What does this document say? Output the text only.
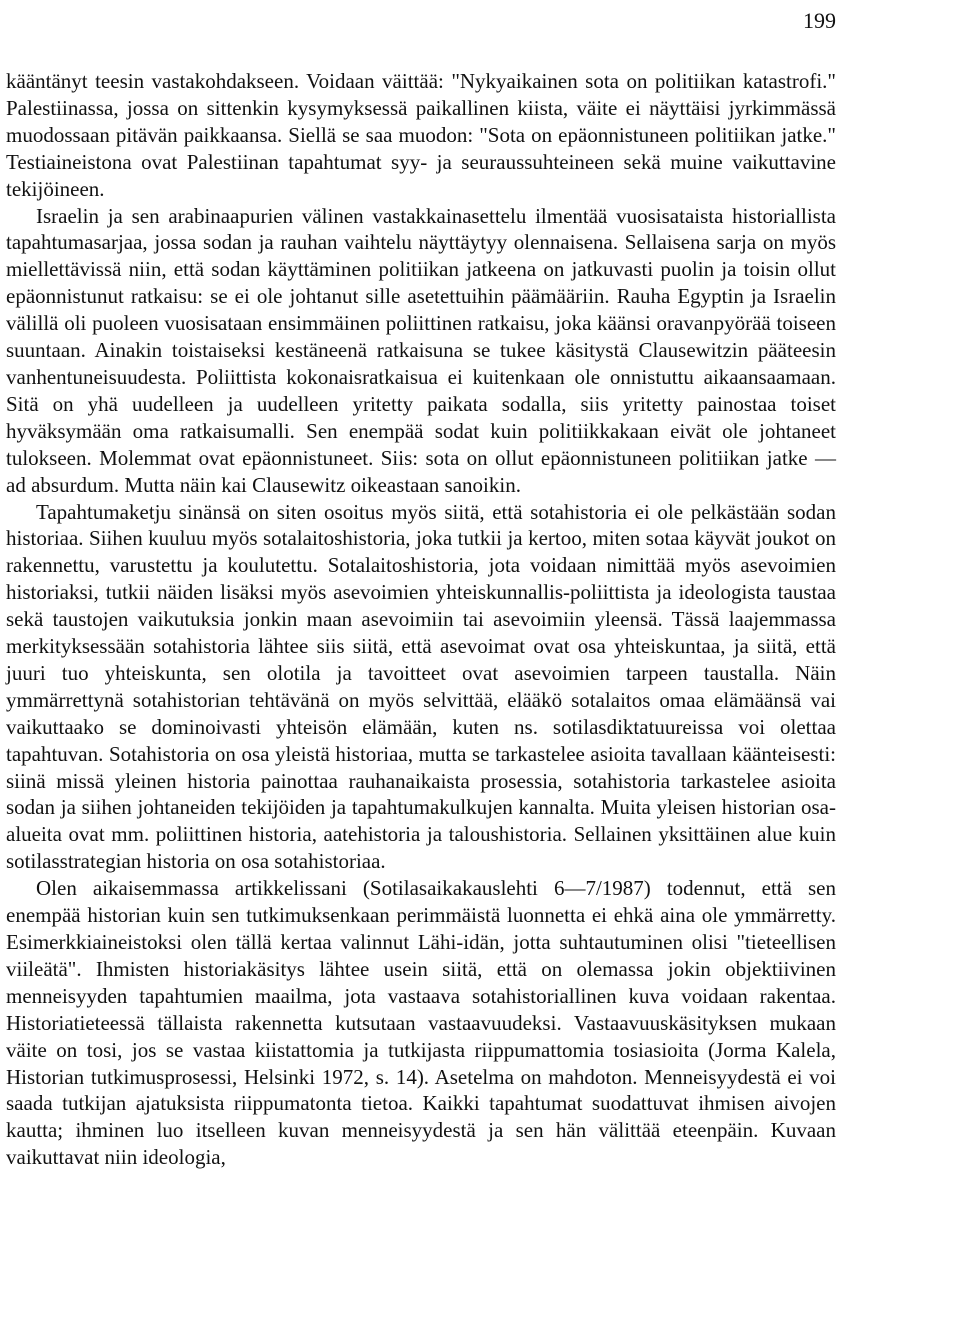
199

kääntänyt teesin vastakohdakseen. Voidaan väittää: "Nykyaikainen sota on politiikan katastrofi." Palestiinassa, jossa on sittenkin kysymyksessä paikallinen kiista, väite ei näyttäisi jyrkimmässä muodossaan pitävän paikkaansa. Siellä se saa muodon: "Sota on epäonnistuneen politiikan jatke." Testiaineistona ovat Palestiinan tapahtumat syy- ja seuraussuhteineen sekä muine vaikuttavine tekijöineen.

Israelin ja sen arabinaapurien välinen vastakkainasettelu ilmentää vuosisataista historiallista tapahtumasarjaa, jossa sodan ja rauhan vaihtelu näyttäytyy olennaisena. Sellaisena sarja on myös miellettävissä niin, että sodan käyttäminen politiikan jatkeena on jatkuvasti puolin ja toisin ollut epäonnistunut ratkaisu: se ei ole johtanut sille asetettuihin päämääriin. Rauha Egyptin ja Israelin välillä oli puoleen vuosisataan ensimmäinen poliittinen ratkaisu, joka käänsi oravanpyörää toiseen suuntaan. Ainakin toistaiseksi kestäneenä ratkaisuna se tukee käsitystä Clausewitzin pääteesin vanhentuneisuudesta. Poliittista kokonaisratkaisua ei kuitenkaan ole onnistuttu aikaansaamaan. Sitä on yhä uudelleen ja uudelleen yritetty paikata sodalla, siis yritetty painostaa toiset hyväksymään oma ratkaisumalli. Sen enempää sodat kuin politiikkakaan eivät ole johtaneet tulokseen. Molemmat ovat epäonnistuneet. Siis: sota on ollut epäonnistuneen politiikan jatke — ad absurdum. Mutta näin kai Clausewitz oikeastaan sanoikin.

Tapahtumaketju sinänsä on siten osoitus myös siitä, että sotahistoria ei ole pelkästään sodan historiaa. Siihen kuuluu myös sotalaitoshistoria, joka tutkii ja kertoo, miten sotaa käyvät joukot on rakennettu, varustettu ja koulutettu. Sotalaitoshistoria, jota voidaan nimittää myös asevoimien historiaksi, tutkii näiden lisäksi myös asevoimien yhteiskunnallis-poliittista ja ideologista taustaa sekä taustojen vaikutuksia jonkin maan asevoimiin tai asevoimiin yleensä. Tässä laajemmassa merkityksessään sotahistoria lähtee siis siitä, että asevoimat ovat osa yhteiskuntaa, ja siitä, että juuri tuo yhteiskunta, sen olotila ja tavoitteet ovat asevoimien tarpeen taustalla. Näin ymmärrettynä sotahistorian tehtävänä on myös selvittää, elääkö sotalaitos omaa elämäänsä vai vaikuttaako se dominoivasti yhteisön elämään, kuten ns. sotilasdiktatuureissa voi olettaa tapahtuvan. Sotahistoria on osa yleistä historiaa, mutta se tarkastelee asioita tavallaan käänteisesti: siinä missä yleinen historia painottaa rauhanaikaista prosessia, sotahistoria tarkastelee asioita sodan ja siihen johtaneiden tekijöiden ja tapahtumakulkujen kannalta. Muita yleisen historian osa-alueita ovat mm. poliittinen historia, aatehistoria ja taloushistoria. Sellainen yksittäinen alue kuin sotilasstrategian historia on osa sotahistoriaa.

Olen aikaisemmassa artikkelissani (Sotilasaikakauslehti 6—7/1987) todennut, että sen enempää historian kuin sen tutkimuksenkaan perimmäistä luonnetta ei ehkä aina ole ymmärretty. Esimerkkiaineistoksi olen tällä kertaa valinnut Lähi-idän, jotta suhtautuminen olisi "tieteellisen viileätä". Ihmisten historiakäsitys lähtee usein siitä, että on olemassa jokin objektiivinen menneisyyden tapahtumien maailma, jota vastaava sotahistoriallinen kuva voidaan rakentaa. Historiatieteessä tällaista rakennetta kutsutaan vastaavuudeksi. Vastaavuuskäsityksen mukaan väite on tosi, jos se vastaa kiistattomia ja tutkijasta riippumattomia tosiasioita (Jorma Kalela, Historian tutkimusprosessi, Helsinki 1972, s. 14). Asetelma on mahdoton. Menneisyydestä ei voi saada tutkijan ajatuksista riippumatonta tietoa. Kaikki tapahtumat suodattuvat ihmisen aivojen kautta; ihminen luo itselleen kuvan menneisyydestä ja sen hän välittää eteenpäin. Kuvaan vaikuttavat niin ideologia,
